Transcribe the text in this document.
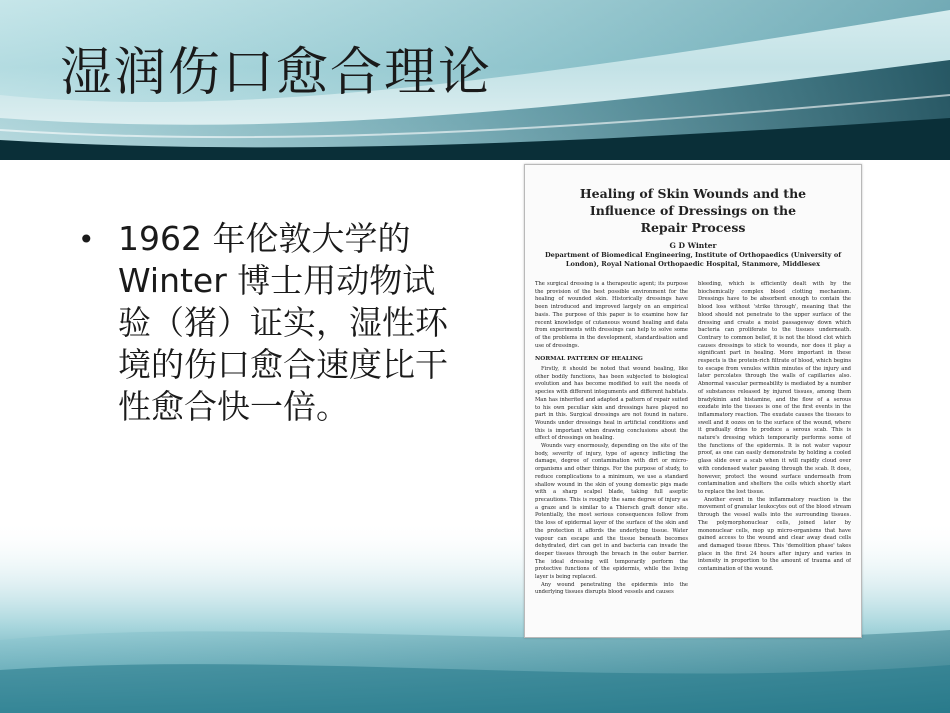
湿润伤口愈合理论
• 1962 年伦敦大学的 Winter 博士用动物试验（猪）证实，湿性环境的伤口愈合速度比干性愈合快一倍。

Healing of Skin Wounds and the
Influence of Dressings on the
Repair Process
G D Winter
Department of Biomedical Engineering, Institute of Orthopaedics (University of
London), Royal National Orthopaedic Hospital, Stanmore, Middlesex

The surgical dressing is a therapeutic agent; its purpose the provision of the best possible environment for the healing of wounded skin. Historically dressings have been introduced and improved largely on an empirical basis. The purpose of this paper is to examine how far recent knowledge of cutaneous wound healing and data from experiments with dressings can help to solve some of the problems in the development, standardisation and use of dressings.

NORMAL PATTERN OF HEALING

Firstly, it should be noted that wound healing, like other bodily functions, has been subjected to biological evolution and has become modified to suit the needs of species with different integuments and different habitats. Man has inherited and adapted a pattern of repair suited to his own peculiar skin and dressings have played no part in this. Surgical dressings are not found in nature. Wounds under dressings heal in artificial conditions and this is important when drawing conclusions about the effect of dressings on healing.

Wounds vary enormously, depending on the site of the body, severity of injury, type of agency inflicting the damage, degree of contamination with dirt or micro-organisms and other things. For the purpose of study, to reduce complications to a minimum, we use a standard shallow wound in the skin of young domestic pigs made with a sharp scalpel blade, taking full aseptic precautions. This is roughly the same degree of injury as a graze and is similar to a Thiersch graft donor site. Potentially, the most serious consequences follow from the loss of epidermal layer of the surface of the skin and the protection it affords the underlying tissue. Water vapour can escape and the tissue beneath becomes dehydrated, dirt can get in and bacteria can invade the deeper tissues through the breach in the outer barrier. The ideal dressing will temporarily perform the protective functions of the epidermis, while the living layer is being replaced.

Any wound penetrating the epidermis into the underlying tissues disrupts blood vessels and causes

bleeding, which is efficiently dealt with by the biochemically complex blood clotting mechanism. Dressings have to be absorbent enough to contain the blood loss without 'strike through', meaning that the blood should not penetrate to the upper surface of the dressing and create a moist passageway down which bacteria can proliferate to the tissues underneath. Contrary to common belief, it is not the blood clot which causes dressings to stick to wounds, nor does it play a significant part in healing. More important in these respects is the protein-rich filtrate of blood, which begins to escape from venules within minutes of the injury and later percolates through the walls of capillaries also. Abnormal vascular permeability is mediated by a number of substances released by injured tissues, among them bradykinin and histamine, and the flow of a serous exudate into the tissues is one of the first events in the inflammatory reaction. The exudate causes the tissues to swell and it oozes on to the surface of the wound, where it gradually dries to produce a serous scab. This is nature's dressing which temporarily performs some of the functions of the epidermis. It is not water vapour proof, as one can easily demonstrate by holding a cooled glass slide over a scab when it will rapidly cloud over with condensed water passing through the scab. It does, however, protect the wound surface underneath from contamination and shelters the cells which shortly start to replace the lost tissue.

Another event in the inflammatory reaction is the movement of granular leukocytes out of the blood stream through the vessel walls into the surrounding tissues. The polymorphonuclear cells, joined later by mononuclear cells, mop up micro-organisms that have gained access to the wound and clear away dead cells and damaged tissue fibres. This 'demolition phase' takes place in the first 24 hours after injury and varies in intensity in proportion to the amount of trauma and of contamination of the wound.
